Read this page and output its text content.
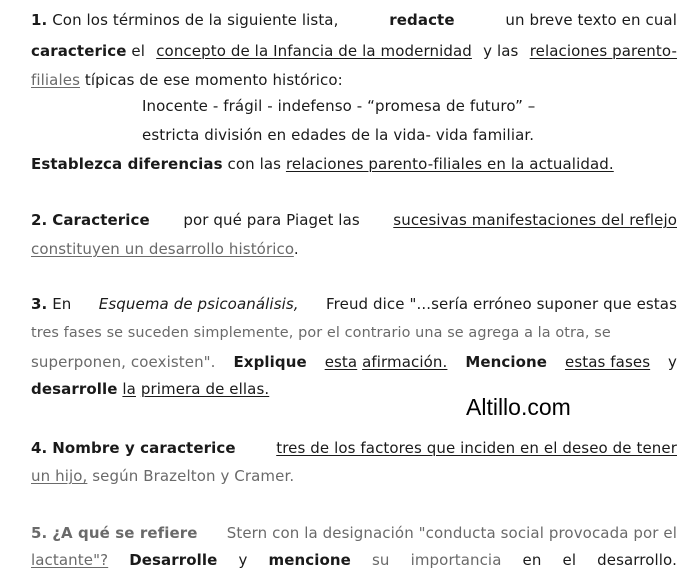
1. Con los términos de la siguiente lista,	redacte	un breve texto en cual
caracterice el concepto de la Infancia de la modernidad y las relaciones parento-
filiales típicas de ese momento histórico:
Inocente - frágil - indefenso - “promesa de futuro” –
estricta división en edades de la vida- vida familiar.
Establezca diferencias con las relaciones parento-filiales en la actualidad.
2. Caracterice por qué para Piaget las sucesivas manifestaciones del reflejo
constituyen un desarrollo histórico.
3. En Esquema de psicoanálisis, Freud dice "...sería erróneo suponer que estas
tres fases se suceden simplemente, por el contrario una se agrega a la otra, se
superponen, coexisten". Explique esta afirmación. Mencione estas fases y
desarrolle la primera de ellas.
Altillo.com
4. Nombre y caracterice	tres de los factores que inciden en el deseo de tener
un hijo, según Brazelton y Cramer.
5. ¿A qué se refiere Stern con la designación "conducta social provocada por el
lactante"? Desarrolle y mencione su importancia en el desarrollo.
